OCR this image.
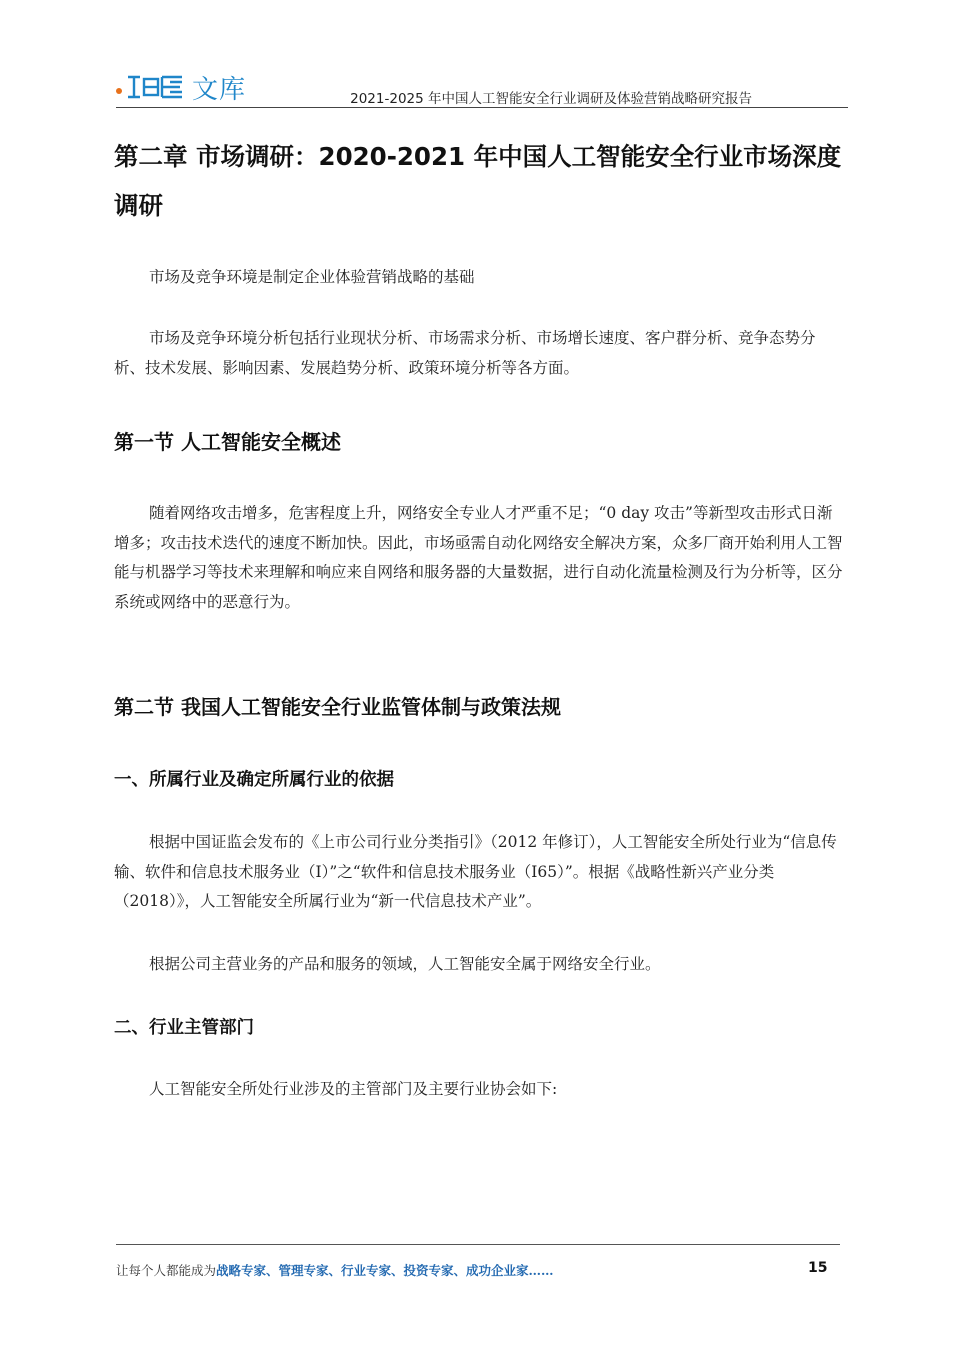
文库	2021-2025 年中国人工智能安全行业调研及体验营销战略研究报告
第二章 市场调研：2020-2021 年中国人工智能安全行业市场深度调研

市场及竞争环境是制定企业体验营销战略的基础

市场及竞争环境分析包括行业现状分析、市场需求分析、市场增长速度、客户群分析、竞争态势分析、技术发展、影响因素、发展趋势分析、政策环境分析等各方面。

第一节 人工智能安全概述

随着网络攻击增多，危害程度上升，网络安全专业人才严重不足；“0 day 攻击”等新型攻击形式日渐增多；攻击技术迭代的速度不断加快。因此，市场亟需自动化网络安全解决方案，众多厂商开始利用人工智能与机器学习等技术来理解和响应来自网络和服务器的大量数据，进行自动化流量检测及行为分析等，区分系统或网络中的恶意行为。

第二节 我国人工智能安全行业监管体制与政策法规
一、所属行业及确定所属行业的依据

根据中国证监会发布的《上市公司行业分类指引》（2012 年修订），人工智能安全所处行业为“信息传输、软件和信息技术服务业（I）”之“软件和信息技术服务业（I65）”。根据《战略性新兴产业分类（2018）》，人工智能安全所属行业为“新一代信息技术产业”。

根据公司主营业务的产品和服务的领域，人工智能安全属于网络安全行业。

二、行业主管部门

人工智能安全所处行业涉及的主管部门及主要行业协会如下:

让每个人都能成为战略专家、管理专家、行业专家、投资专家、成功企业家……	15
